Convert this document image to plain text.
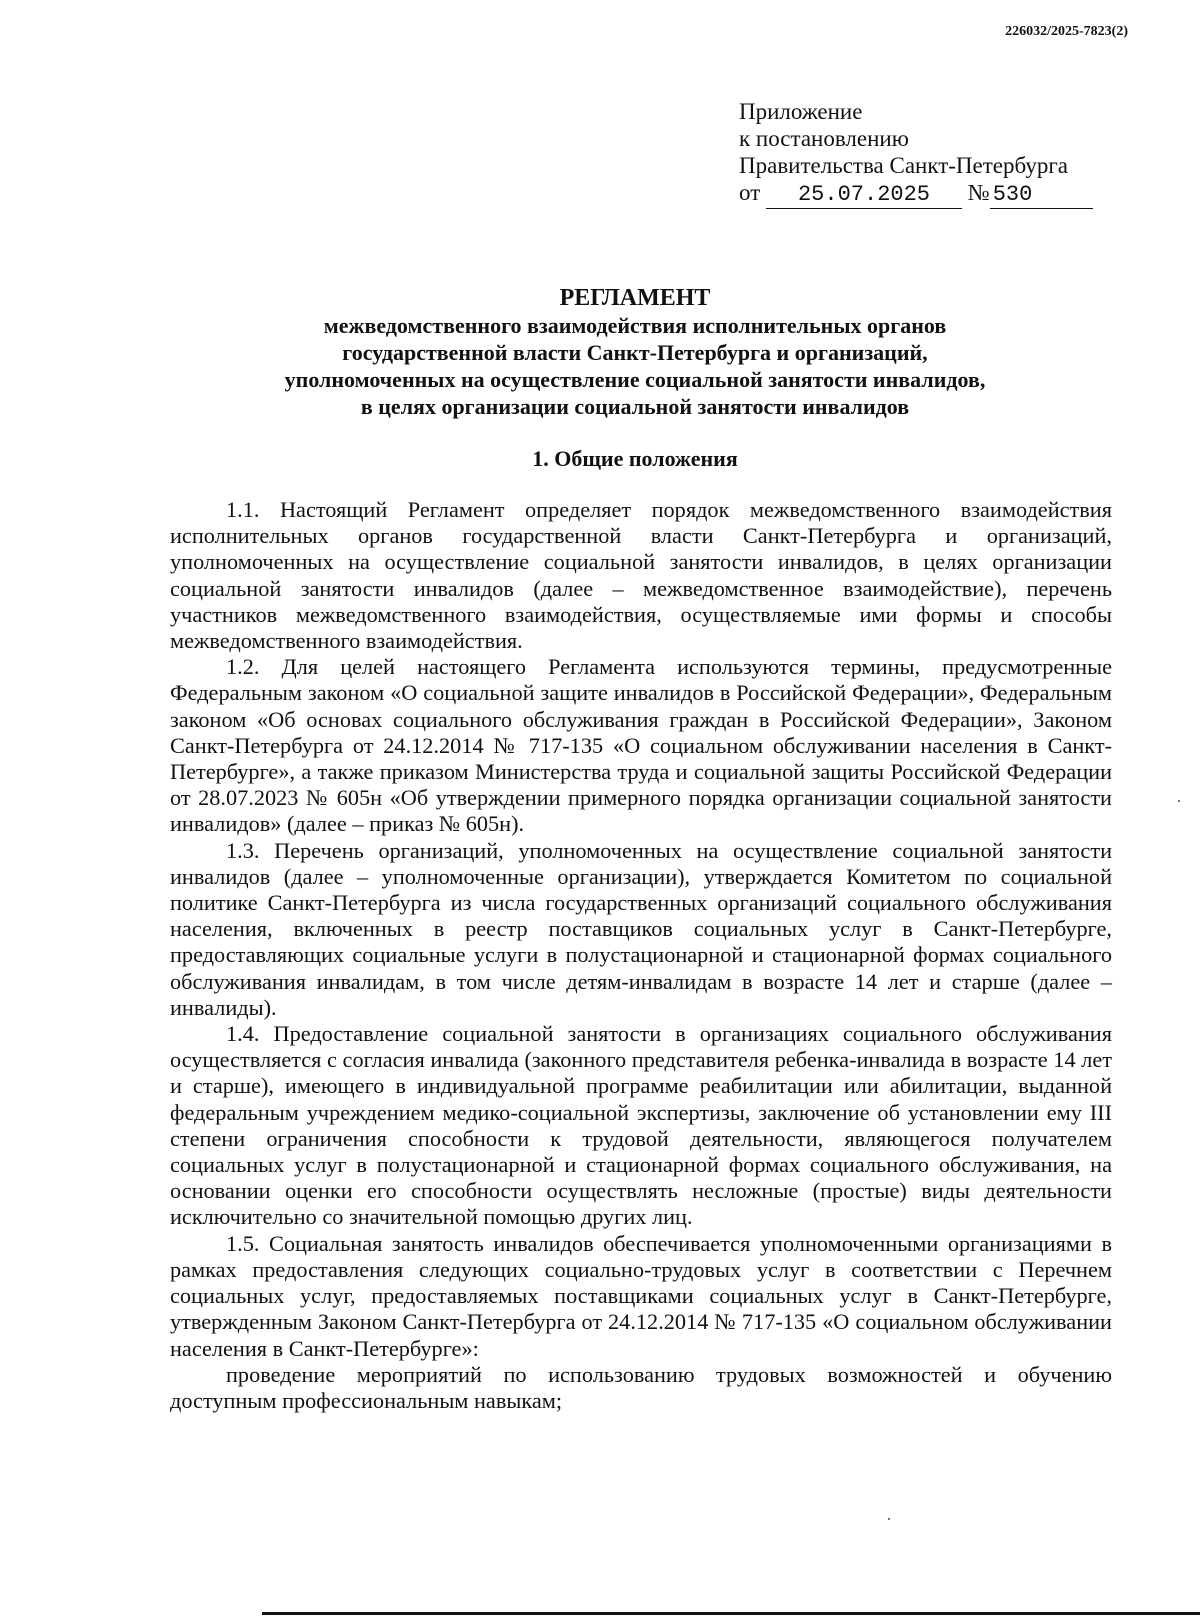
226032/2025-7823(2)
Приложение
к постановлению
Правительства Санкт-Петербурга
от 25.07.2025 № 530
РЕГЛАМЕНТ
межведомственного взаимодействия исполнительных органов
государственной власти Санкт-Петербурга и организаций,
уполномоченных на осуществление социальной занятости инвалидов,
в целях организации социальной занятости инвалидов
1. Общие положения

1.1. Настоящий Регламент определяет порядок межведомственного взаимодействия исполнительных органов государственной власти Санкт-Петербурга и организаций, уполномоченных на осуществление социальной занятости инвалидов, в целях организации социальной занятости инвалидов (далее – межведомственное взаимодействие), перечень участников межведомственного взаимодействия, осуществляемые ими формы и способы межведомственного взаимодействия.

1.2. Для целей настоящего Регламента используются термины, предусмотренные Федеральным законом «О социальной защите инвалидов в Российской Федерации», Федеральным законом «Об основах социального обслуживания граждан в Российской Федерации», Законом Санкт-Петербурга от 24.12.2014 № 717-135 «О социальном обслуживании населения в Санкт-Петербурге», а также приказом Министерства труда и социальной защиты Российской Федерации от 28.07.2023 № 605н «Об утверждении примерного порядка организации социальной занятости инвалидов» (далее – приказ № 605н).

1.3. Перечень организаций, уполномоченных на осуществление социальной занятости инвалидов (далее – уполномоченные организации), утверждается Комитетом по социальной политике Санкт-Петербурга из числа государственных организаций социального обслуживания населения, включенных в реестр поставщиков социальных услуг в Санкт-Петербурге, предоставляющих социальные услуги в полустационарной и стационарной формах социального обслуживания инвалидам, в том числе детям-инвалидам в возрасте 14 лет и старше (далее – инвалиды).

1.4. Предоставление социальной занятости в организациях социального обслуживания осуществляется с согласия инвалида (законного представителя ребенка-инвалида в возрасте 14 лет и старше), имеющего в индивидуальной программе реабилитации или абилитации, выданной федеральным учреждением медико-социальной экспертизы, заключение об установлении ему III степени ограничения способности к трудовой деятельности, являющегося получателем социальных услуг в полустационарной и стационарной формах социального обслуживания, на основании оценки его способности осуществлять несложные (простые) виды деятельности исключительно со значительной помощью других лиц.

1.5. Социальная занятость инвалидов обеспечивается уполномоченными организациями в рамках предоставления следующих социально-трудовых услуг в соответствии с Перечнем социальных услуг, предоставляемых поставщиками социальных услуг в Санкт-Петербурге, утвержденным Законом Санкт-Петербурга от 24.12.2014 № 717-135 «О социальном обслуживании населения в Санкт-Петербурге»:

проведение мероприятий по использованию трудовых возможностей и обучению доступным профессиональным навыкам;
